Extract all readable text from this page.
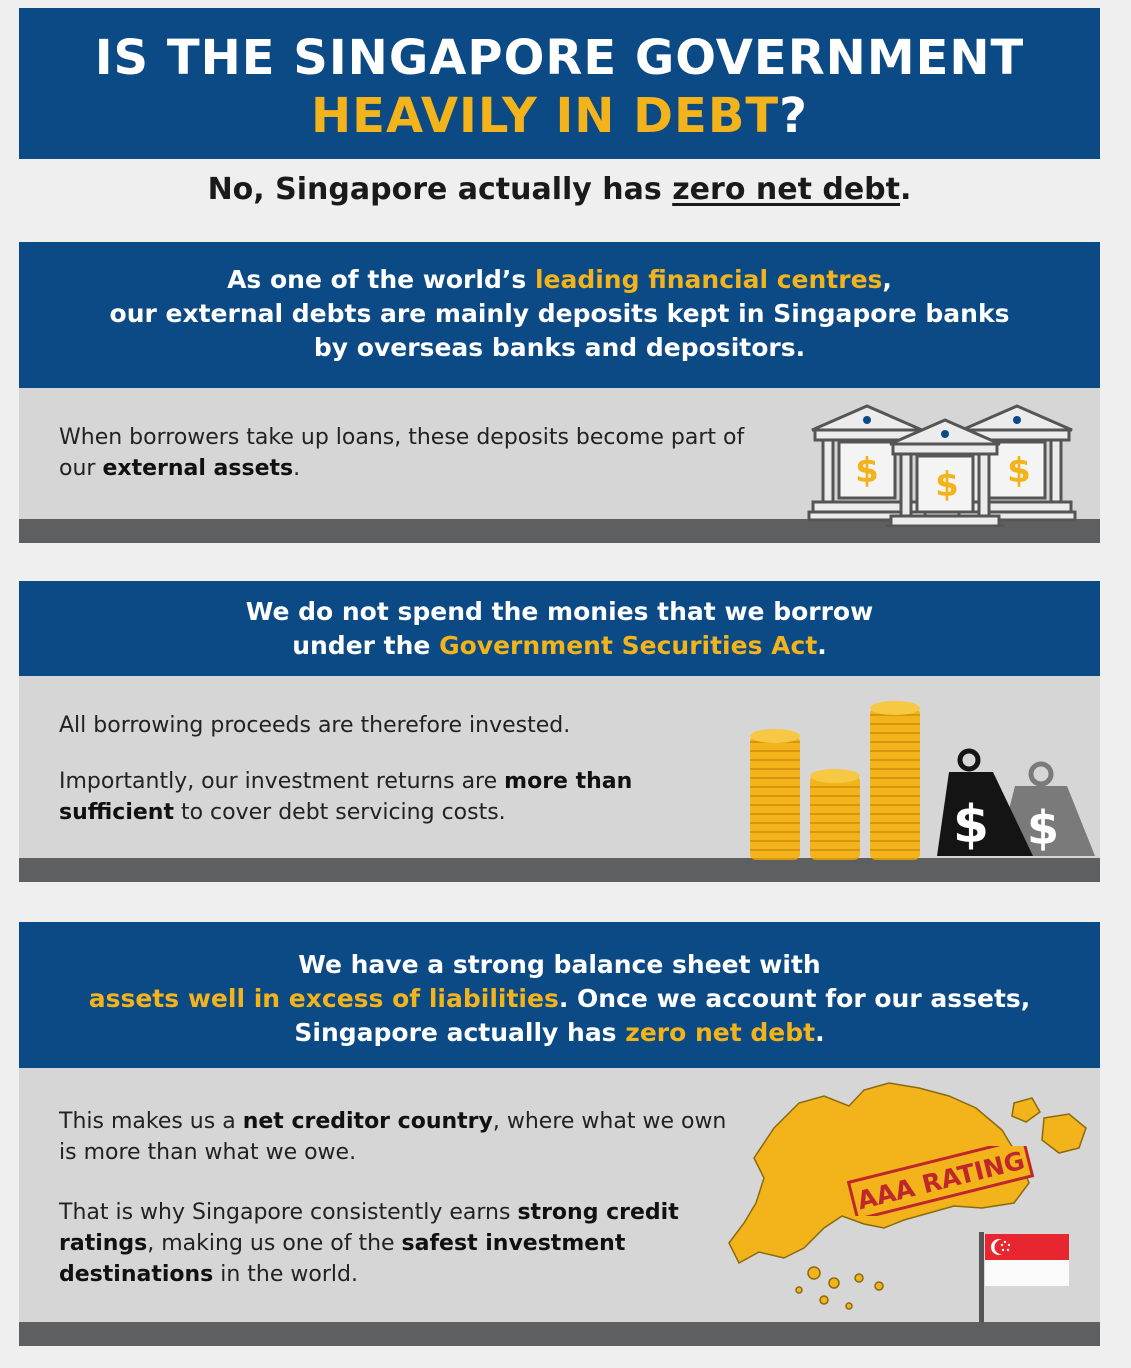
IS THE SINGAPORE GOVERNMENT
HEAVILY IN DEBT?
No, Singapore actually has zero net debt.
As one of the world’s leading financial centres,
our external debts are mainly deposits kept in Singapore banks
by overseas banks and depositors.
When borrowers take up loans, these deposits become part of
our external assets.	$	$
$
We do not spend the monies that we borrow
under the Government Securities Act.
All borrowing proceeds are therefore invested.
Importantly, our investment returns are more than
sufficient to cover debt servicing costs.	$
$
We have a strong balance sheet with
assets well in excess of liabilities. Once we account for our assets,
Singapore actually has zero net debt.
This makes us a net creditor country, where what we own
is more than what we owe.
That is why Singapore consistently earns strong credit
ratings, making us one of the safest investment
destinations in the world.
AAA RATING
